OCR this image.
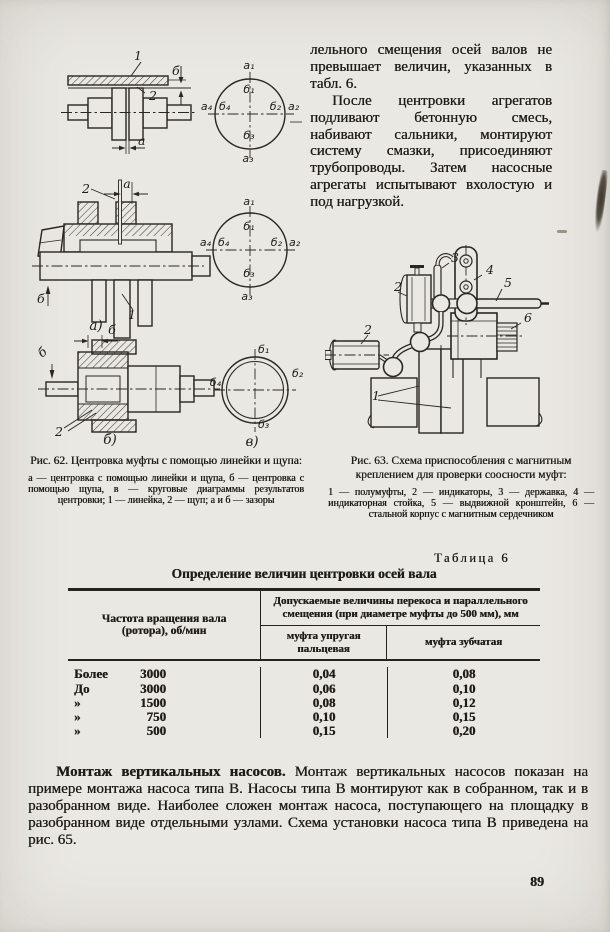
1
б
2
а
а₁
б₁
а₄ б₄	б₂ а₂
б₃
а₃
2	а
б
1
а)
а₁
б₁
а₄ б₄	б₂ а₂
б₃
а₃
б
б
2
б)
б₁
б₄
б₂
б₃
в)

лельного смещения осей валов не превышает величин, указанных в табл. 6.

После центровки агрегатов подливают бетонную смесь, набивают сальники, монтируют систему смазки, присоединяют трубопроводы. Затем насосные агрегаты испытывают вхолостую и под нагрузкой.

2
2
3
4
5
6
1

Рис. 62. Центровка муфты с помощью линейки и щупа:

а — центровка с помощью линейки и щупа, б — центровка с помощью щупа, в — круговые диаграммы результатов центровки; 1 — линейка, 2 — щуп; а и б — зазоры

Рис. 63. Схема приспособления с магнитным креплением для проверки соосности муфт:

1 — полумуфты, 2 — индикаторы, 3 — державка, 4 — индикаторная стойка, 5 — выдвижной кронштейн, 6 — стальной корпус с магнитным сердечником

Таблица 6
Определение величин центровки осей вала
Частота вращения вала (ротора), об/мин
Допускаемые величины перекоса и параллельного смещения (при диаметре муфты до 500 мм), мм
муфта упругая пальцевая
муфта зубчатая
Более	3000	0,04	0,08
До	3000	0,06	0,10
»	1500	0,08	0,12
»	750	0,10	0,15
»	500	0,15	0,20

Монтаж вертикальных насосов. Монтаж вертикальных насосов показан на примере монтажа насоса типа В. Насосы типа В монтируют как в собранном, так и в разобранном виде. Наиболее сложен монтаж насоса, поступающего на площадку в разобранном виде отдельными узлами. Схема установки насоса типа В приведена на рис. 65.

89
